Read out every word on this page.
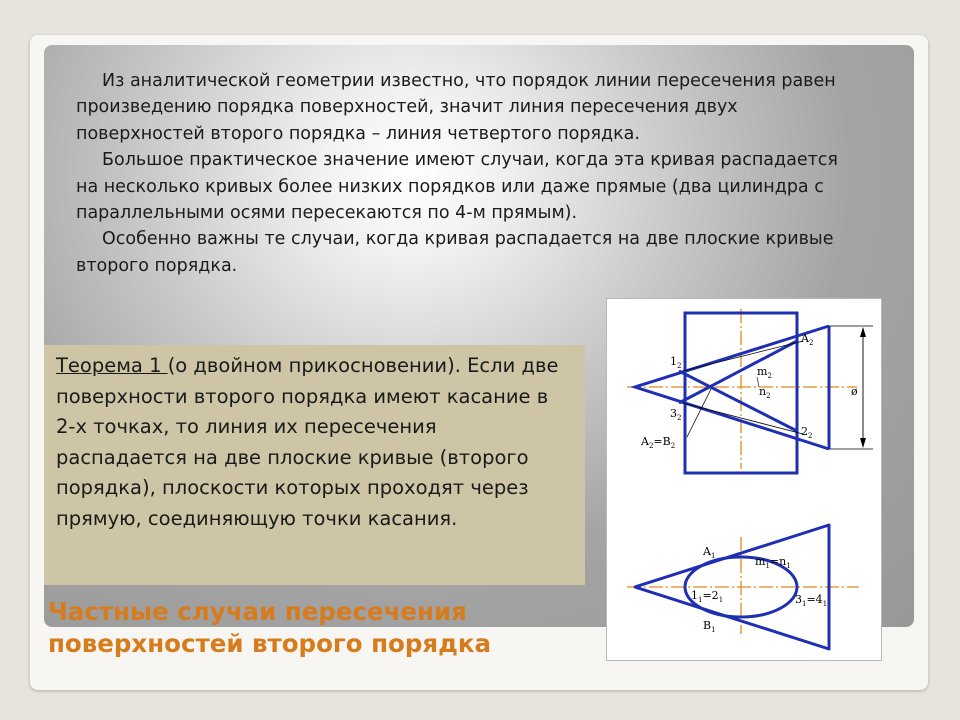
Из аналитической геометрии известно, что порядок линии пересечения равен произведению порядка поверхностей, значит линия пересечения двух поверхностей второго порядка – линия четвертого порядка.

Большое практическое значение имеют случаи, когда эта кривая распадается на несколько кривых более низких порядков или даже прямые (два цилиндра с параллельными осями пересекаются по 4-м прямым).

Особенно важны те случаи, когда кривая распадается на две плоские кривые второго порядка.

Теорема 1 (о двойном прикосновении). Если две поверхности второго порядка имеют касание в 2-х точках, то линия их пересечения распадается на две плоские кривые (второго порядка), плоскости которых проходят через прямую, соединяющую точки касания.
Частные случаи пересечения поверхностей второго порядка
$A_2$
$1_2$	$m_2$
$n_2$
$3_2$
$2_2$
$A_2=B_2$
ø
$A_1$
$B_1$
$m_1=n_1$
$1_1=2_1$	$3_1=4_1$
